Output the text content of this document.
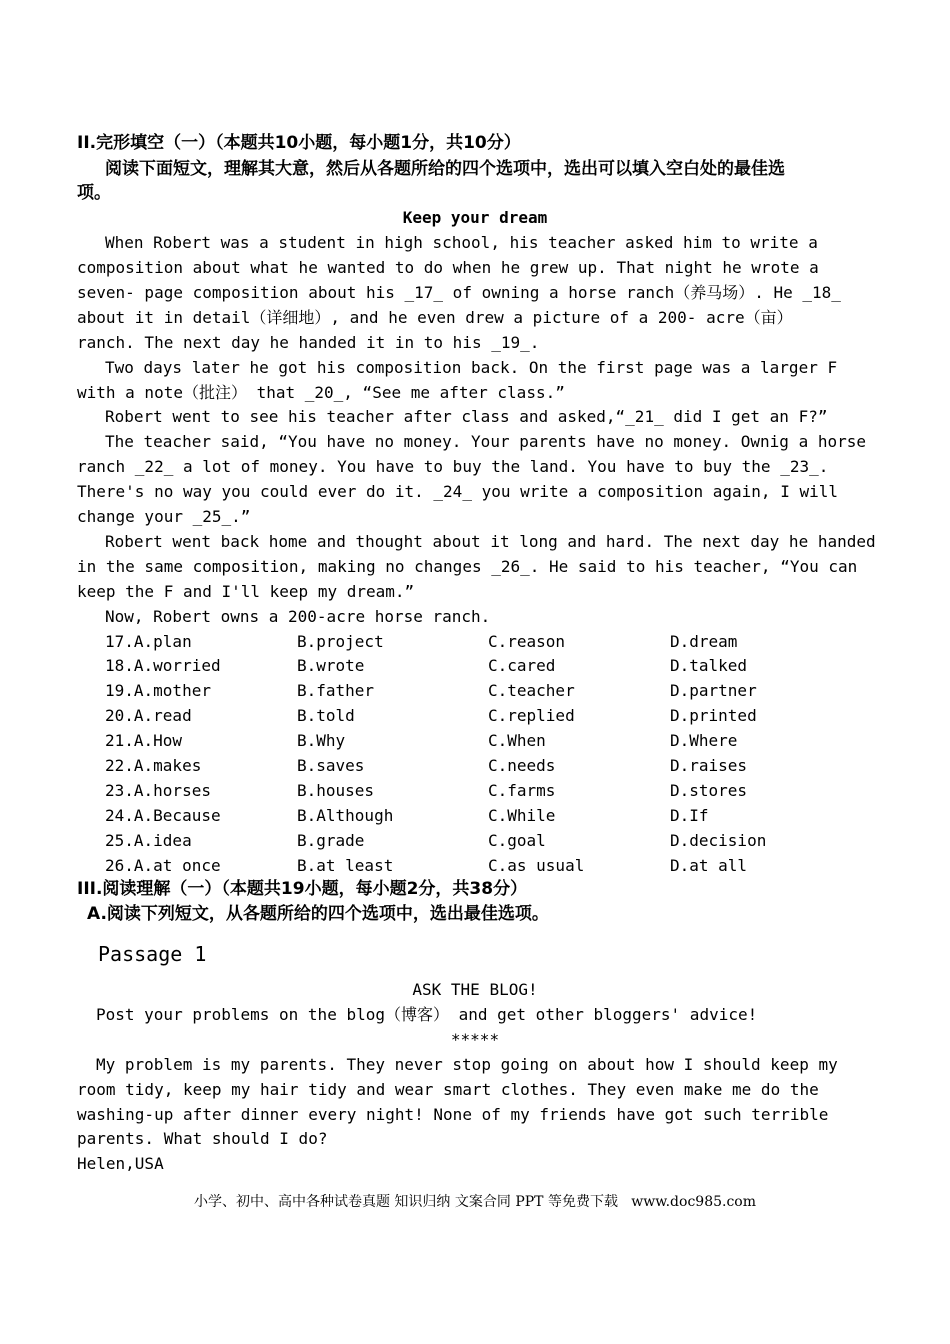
II.完形填空（一）（本题共10小题，每小题1分，共10分）
阅读下面短文，理解其大意，然后从各题所给的四个选项中，选出可以填入空白处的最佳选
项。
Keep your dream
When Robert was a student in high school, his teacher asked him to write a
composition about what he wanted to do when he grew up. That night he wrote a
seven- page composition about his _17_ of owning a horse ranch（养马场）. He _18_
about it in detail（详细地）, and he even drew a picture of a 200- acre（亩）
ranch. The next day he handed it in to his _19_.
Two days later he got his composition back. On the first page was a larger F
with a note（批注） that _20_, “See me after class.”
Robert went to see his teacher after class and asked,“_21_ did I get an F?”
The teacher said, “You have no money. Your parents have no money. Ownig a horse
ranch _22_ a lot of money. You have to buy the land. You have to buy the _23_.
There's no way you could ever do it. _24_ you write a composition again, I will
change your _25_.”
Robert went back home and thought about it long and hard. The next day he handed
in the same composition, making no changes _26_. He said to his teacher, “You can
keep the F and I'll keep my dream.”
Now, Robert owns a 200-acre horse ranch.
17.A.plan	B.project	C.reason	D.dream
18.A.worried	B.wrote	C.cared	D.talked
19.A.mother	B.father	C.teacher	D.partner
20.A.read	B.told	C.replied	D.printed
21.A.How	B.Why	C.When	D.Where
22.A.makes	B.saves	C.needs	D.raises
23.A.horses	B.houses	C.farms	D.stores
24.A.Because	B.Although	C.While	D.If
25.A.idea	B.grade	C.goal	D.decision
26.A.at once	B.at least	C.as usual	D.at all
III.阅读理解（一）（本题共19小题，每小题2分，共38分）
A.阅读下列短文，从各题所给的四个选项中，选出最佳选项。
Passage 1
ASK THE BLOG!
Post your problems on the blog（博客） and get other bloggers' advice!
*****
My problem is my parents. They never stop going on about how I should keep my
room tidy, keep my hair tidy and wear smart clothes. They even make me do the
washing-up after dinner every night! None of my friends have got such terrible
parents. What should I do?
Helen,USA
小学、初中、高中各种试卷真题 知识归纳 文案合同 PPT 等免费下载   www.doc985.com
